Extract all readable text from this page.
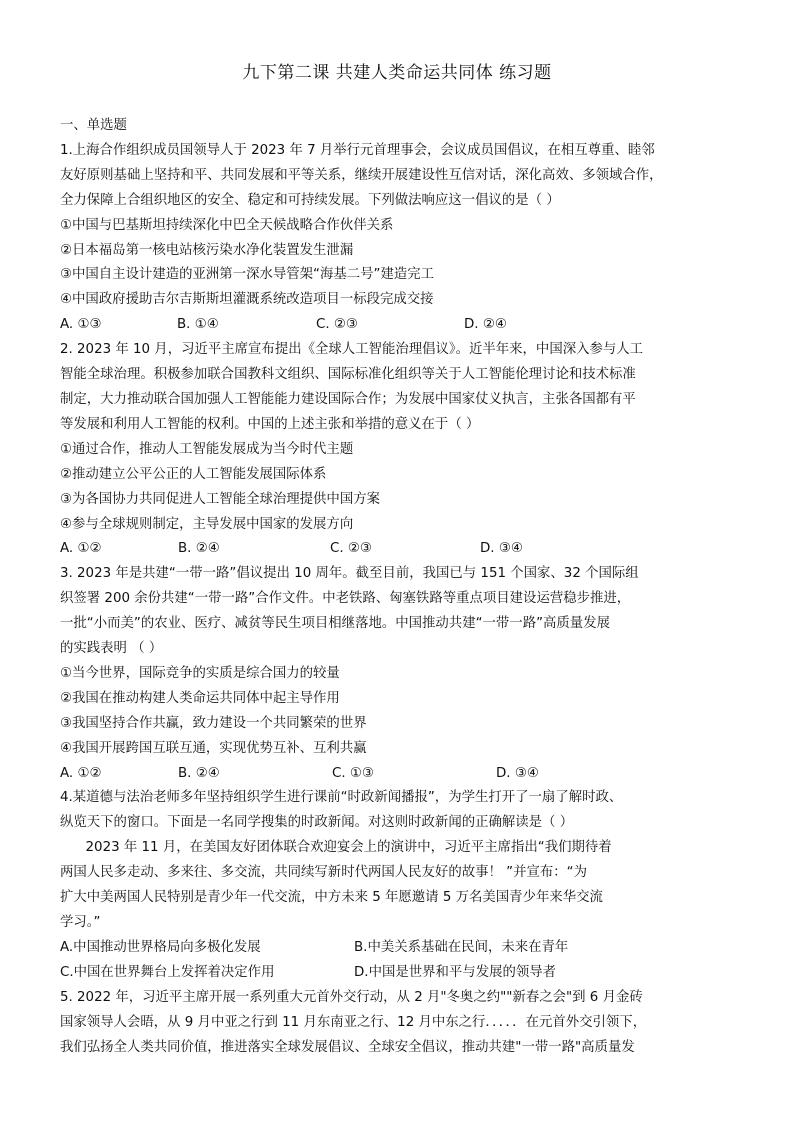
九下第二课 共建人类命运共同体 练习题
一、单选题
1.上海合作组织成员国领导人于 2023 年 7 月举行元首理事会，会议成员国倡议，在相互尊重、睦邻
友好原则基础上坚持和平、共同发展和平等关系，继续开展建设性互信对话，深化高效、多领域合作，
全力保障上合组织地区的安全、稳定和可持续发展。下列做法响应这一倡议的是（ ）
①中国与巴基斯坦持续深化中巴全天候战略合作伙伴关系
②日本福岛第一核电站核污染水净化装置发生泄漏
③中国自主设计建造的亚洲第一深水导管架“海基二号”建造完工
④中国政府援助吉尔吉斯斯坦灌溉系统改造项目一标段完成交接
A. ①③	B. ①④	C. ②③	D. ②④
2. 2023 年 10 月，习近平主席宣布提出《全球人工智能治理倡议》。近半年来，中国深入参与人工
智能全球治理。积极参加联合国教科文组织、国际标准化组织等关于人工智能伦理讨论和技术标准
制定，大力推动联合国加强人工智能能力建设国际合作；为发展中国家仗义执言，主张各国都有平
等发展和利用人工智能的权利。中国的上述主张和举措的意义在于（ ）
①通过合作，推动人工智能发展成为当今时代主题
②推动建立公平公正的人工智能发展国际体系
③为各国协力共同促进人工智能全球治理提供中国方案
④参与全球规则制定，主导发展中国家的发展方向
A. ①②	B. ②④	C. ②③	D. ③④
3. 2023 年是共建“一带一路”倡议提出 10 周年。截至目前，我国已与 151 个国家、32 个国际组
织签署 200 余份共建“一带一路”合作文件。中老铁路、匈塞铁路等重点项目建设运营稳步推进，
一批“小而美”的农业、医疗、减贫等民生项目相继落地。中国推动共建“一带一路”高质量发展
的实践表明 （ ）
①当今世界，国际竞争的实质是综合国力的较量
②我国在推动构建人类命运共同体中起主导作用
③我国坚持合作共赢，致力建设一个共同繁荣的世界
④我国开展跨国互联互通，实现优势互补、互利共赢
A. ①②	B. ②④	C. ①③	D. ③④
4.某道德与法治老师多年坚持组织学生进行课前“时政新闻播报”，为学生打开了一扇了解时政、
纵览天下的窗口。下面是一名同学搜集的时政新闻。对这则时政新闻的正确解读是（ ）
2023 年 11 月，在美国友好团体联合欢迎宴会上的演讲中，习近平主席指出“我们期待着
两国人民多走动、多来往、多交流，共同续写新时代两国人民友好的故事！ ”并宣布：“为
扩大中美两国人民特别是青少年一代交流，中方未来 5 年愿邀请 5 万名美国青少年来华交流
学习。”
A.中国推动世界格局向多极化发展	B.中美关系基础在民间，未来在青年
C.中国在世界舞台上发挥着决定作用	D.中国是世界和平与发展的领导者
5. 2022 年，习近平主席开展一系列重大元首外交行动，从 2 月"冬奥之约""新春之会"到 6 月金砖
国家领导人会晤，从 9 月中亚之行到 11 月东南亚之行、12 月中东之行．．．．．在元首外交引领下，
我们弘扬全人类共同价值，推进落实全球发展倡议、全球安全倡议，推动共建"一带一路"高质量发
